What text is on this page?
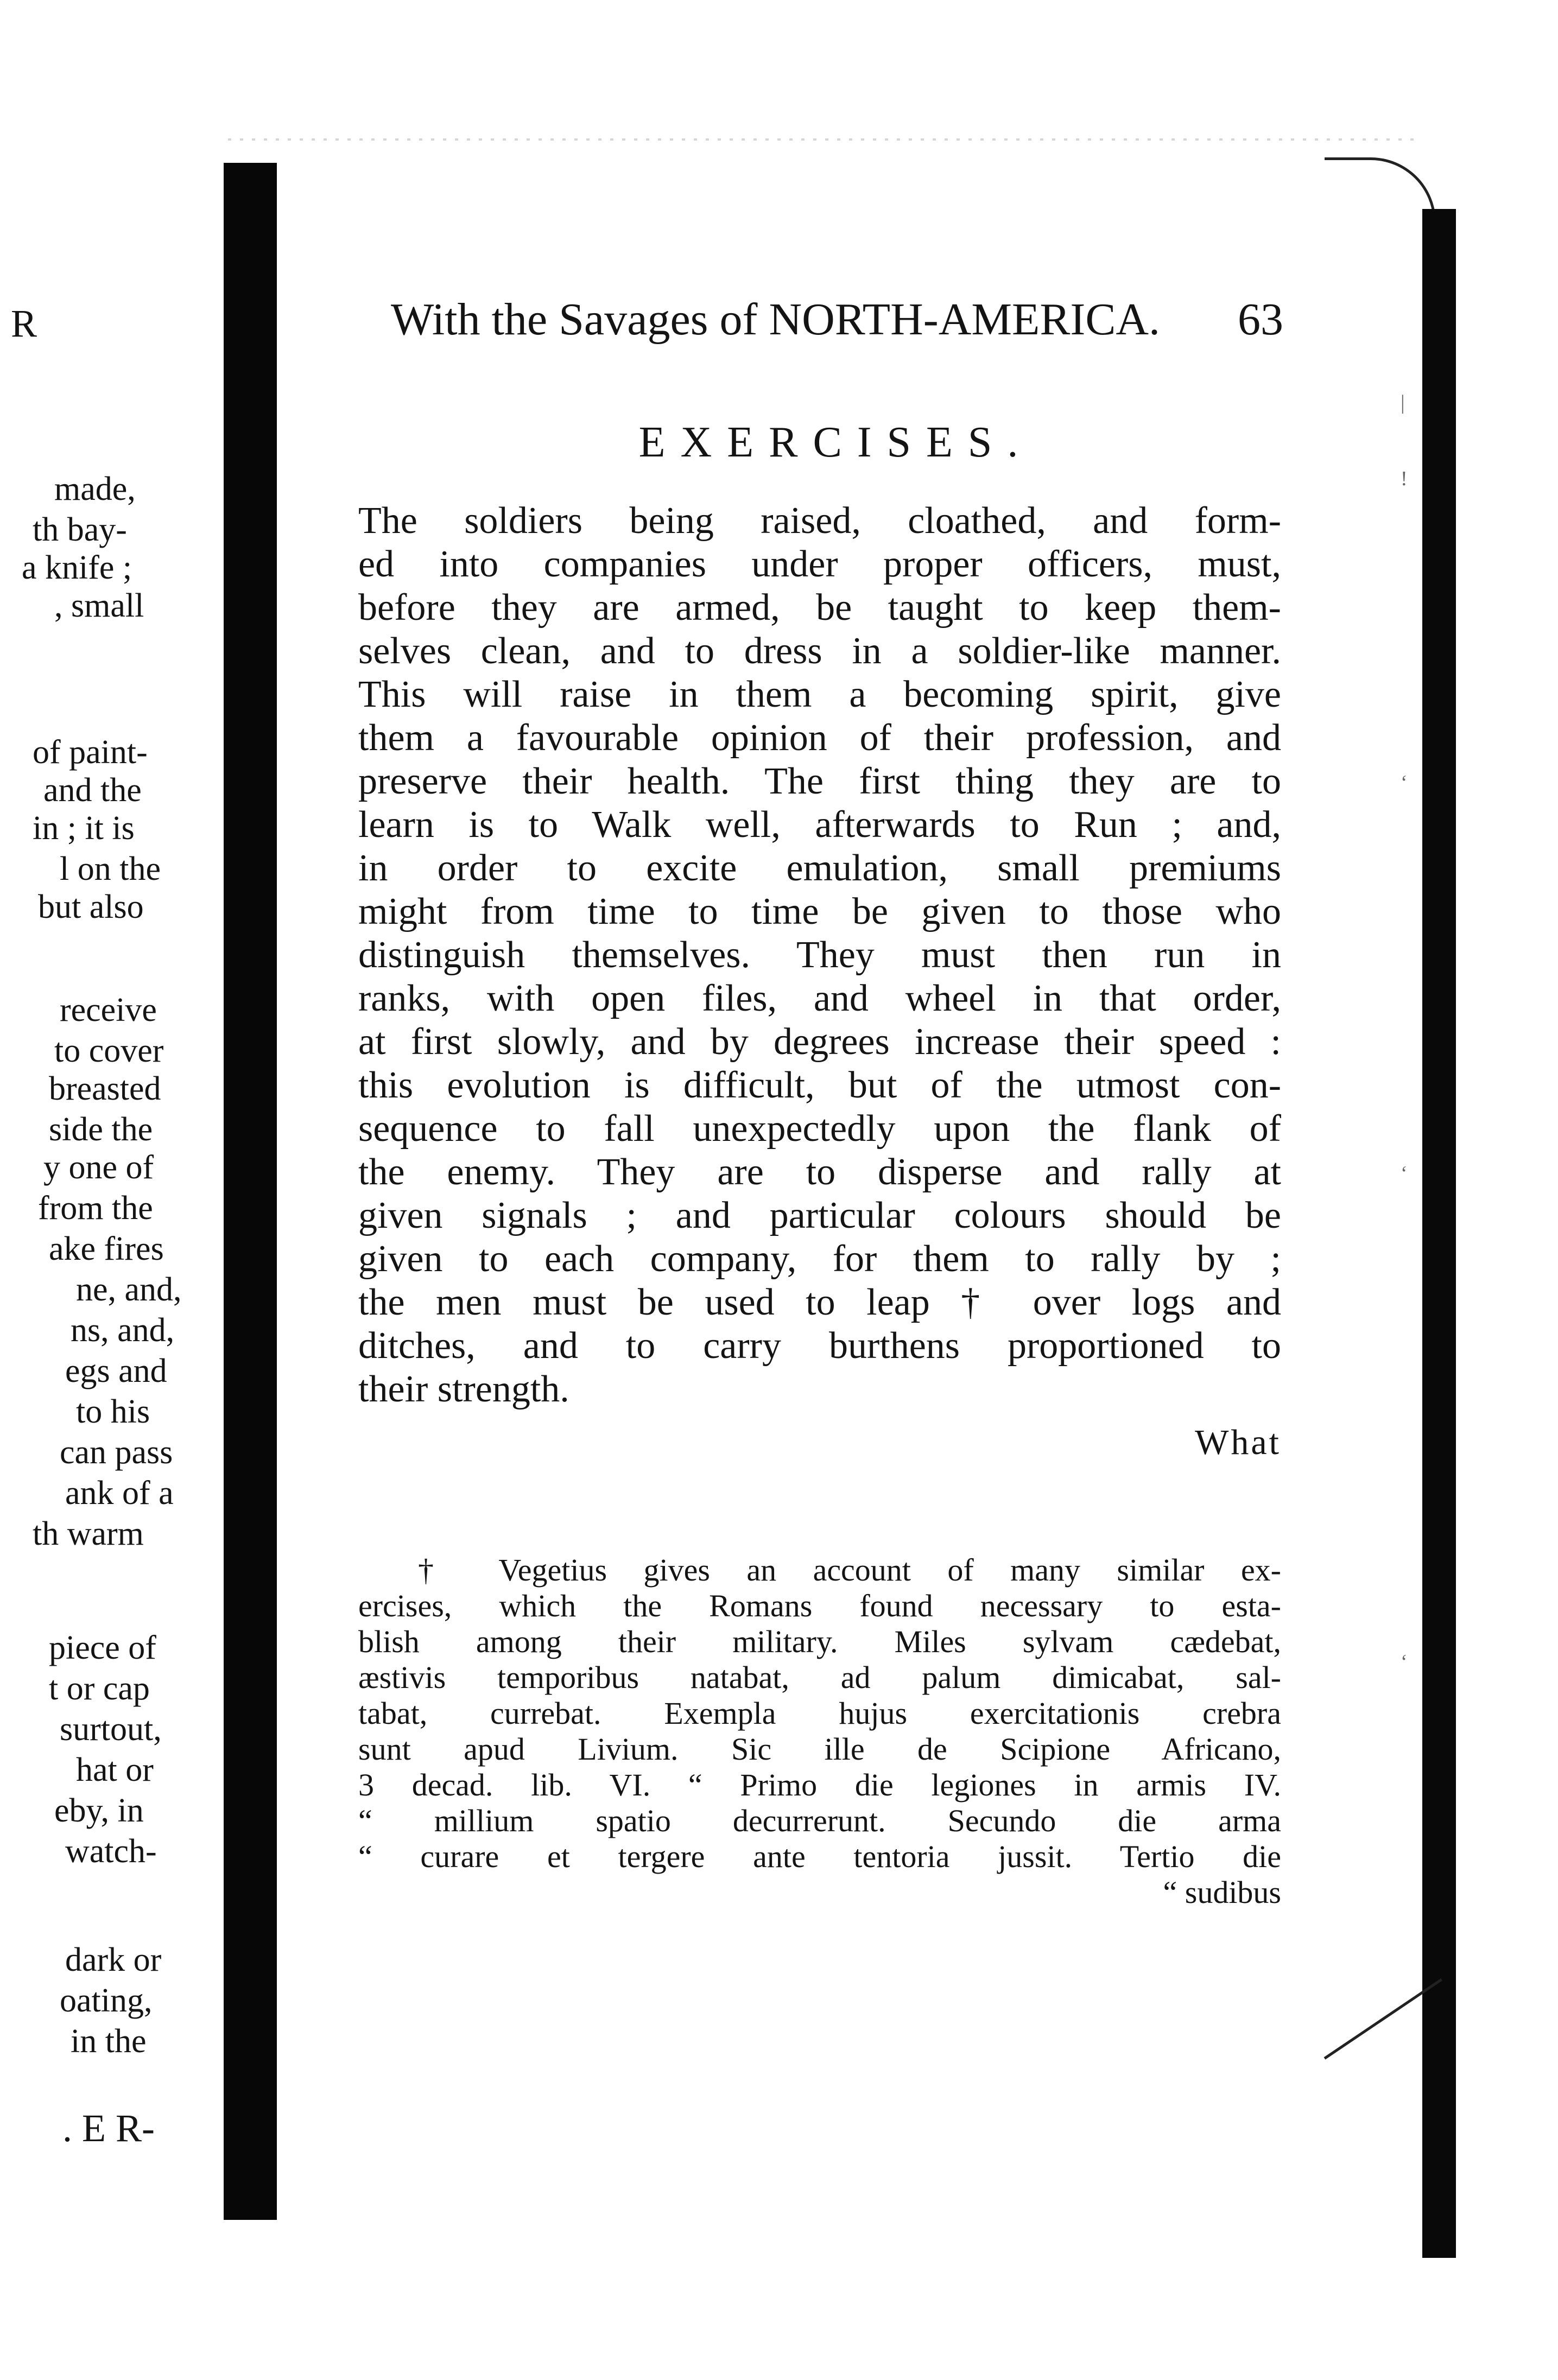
|
!
‘
‘
‘
R
made,
th bay-
a knife ;
, small
of paint-
and the
in ; it is
l on the
but also
receive
to cover
breasted
side the
y one of
from the
ake fires
ne, and,
ns, and,
egs and
to his
can pass
ank of a
th warm
piece of
t or cap
surtout,
hat or
eby, in
watch-
dark or
oating,
in the
. E R-
With the Savages of NORTH-AMERICA. 63
EXERCISES.
The soldiers being raised, cloathed, and form-
ed into companies under proper officers, must,
before they are armed, be taught to keep them-
selves clean, and to dress in a soldier-like manner.
This will raise in them a becoming spirit, give
them a favourable opinion of their profession, and
preserve their health. The first thing they are to
learn is to Walk well, afterwards to Run ; and,
in order to excite emulation, small premiums
might from time to time be given to those who
distinguish themselves. They must then run in
ranks, with open files, and wheel in that order,
at first slowly, and by degrees increase their speed :
this evolution is difficult, but of the utmost con-
sequence to fall unexpectedly upon the flank of
the enemy. They are to disperse and rally at
given signals ; and particular colours should be
given to each company, for them to rally by ;
the men must be used to leap † over logs and
ditches, and to carry burthens proportioned to
their strength.
What
† Vegetius gives an account of many similar ex-
ercises, which the Romans found necessary to esta-
blish among their military. Miles sylvam cædebat,
æstivis temporibus natabat, ad palum dimicabat, sal-
tabat, currebat. Exempla hujus exercitationis crebra
sunt apud Livium. Sic ille de Scipione Africano,
3 decad. lib. VI. “ Primo die legiones in armis IV.
“ millium spatio decurrerunt. Secundo die arma
“ curare et tergere ante tentoria jussit. Tertio die
“ sudibus
